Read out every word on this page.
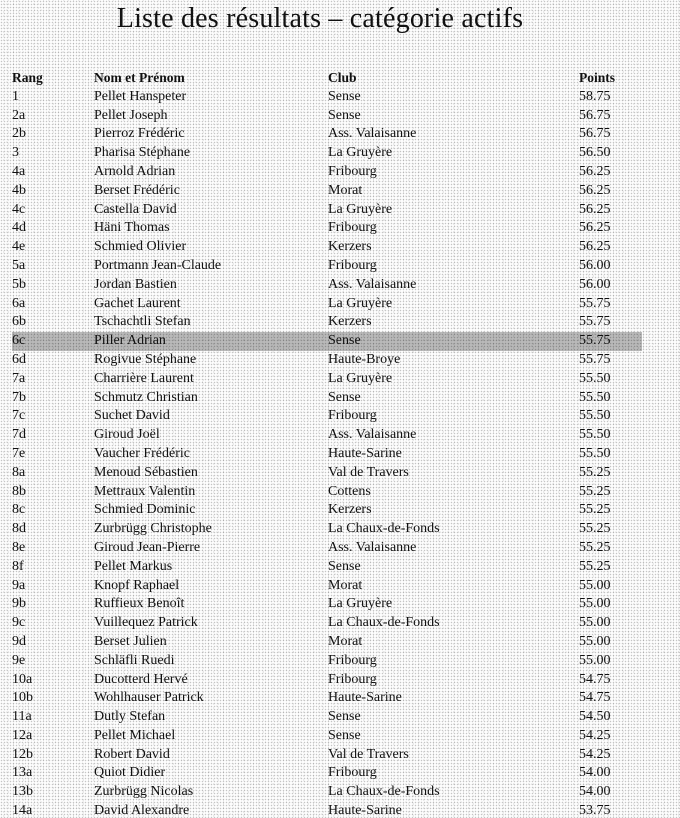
Liste des résultats – catégorie actifs
Rang	Nom et Prénom	Club	Points
1	Pellet Hanspeter	Sense	58.75
2a	Pellet Joseph	Sense	56.75
2b	Pierroz Frédéric	Ass. Valaisanne	56.75
3	Pharisa Stéphane	La Gruyère	56.50
4a	Arnold Adrian	Fribourg	56.25
4b	Berset Frédéric	Morat	56.25
4c	Castella David	La Gruyère	56.25
4d	Häni Thomas	Fribourg	56.25
4e	Schmied Olivier	Kerzers	56.25
5a	Portmann Jean-Claude	Fribourg	56.00
5b	Jordan Bastien	Ass. Valaisanne	56.00
6a	Gachet Laurent	La Gruyère	55.75
6b	Tschachtli Stefan	Kerzers	55.75
6c	Piller Adrian	Sense	55.75
6d	Rogivue Stéphane	Haute-Broye	55.75
7a	Charrière Laurent	La Gruyère	55.50
7b	Schmutz Christian	Sense	55.50
7c	Suchet David	Fribourg	55.50
7d	Giroud Joël	Ass. Valaisanne	55.50
7e	Vaucher Frédéric	Haute-Sarine	55.50
8a	Menoud Sébastien	Val de Travers	55.25
8b	Mettraux Valentin	Cottens	55.25
8c	Schmied Dominic	Kerzers	55.25
8d	Zurbrügg Christophe	La Chaux-de-Fonds	55.25
8e	Giroud Jean-Pierre	Ass. Valaisanne	55.25
8f	Pellet Markus	Sense	55.25
9a	Knopf Raphael	Morat	55.00
9b	Ruffieux Benoît	La Gruyère	55.00
9c	Vuillequez Patrick	La Chaux-de-Fonds	55.00
9d	Berset Julien	Morat	55.00
9e	Schläfli Ruedi	Fribourg	55.00
10a	Ducotterd Hervé	Fribourg	54.75
10b	Wohlhauser Patrick	Haute-Sarine	54.75
11a	Dutly Stefan	Sense	54.50
12a	Pellet Michael	Sense	54.25
12b	Robert David	Val de Travers	54.25
13a	Quiot Didier	Fribourg	54.00
13b	Zurbrügg Nicolas	La Chaux-de-Fonds	54.00
14a	David Alexandre	Haute-Sarine	53.75
